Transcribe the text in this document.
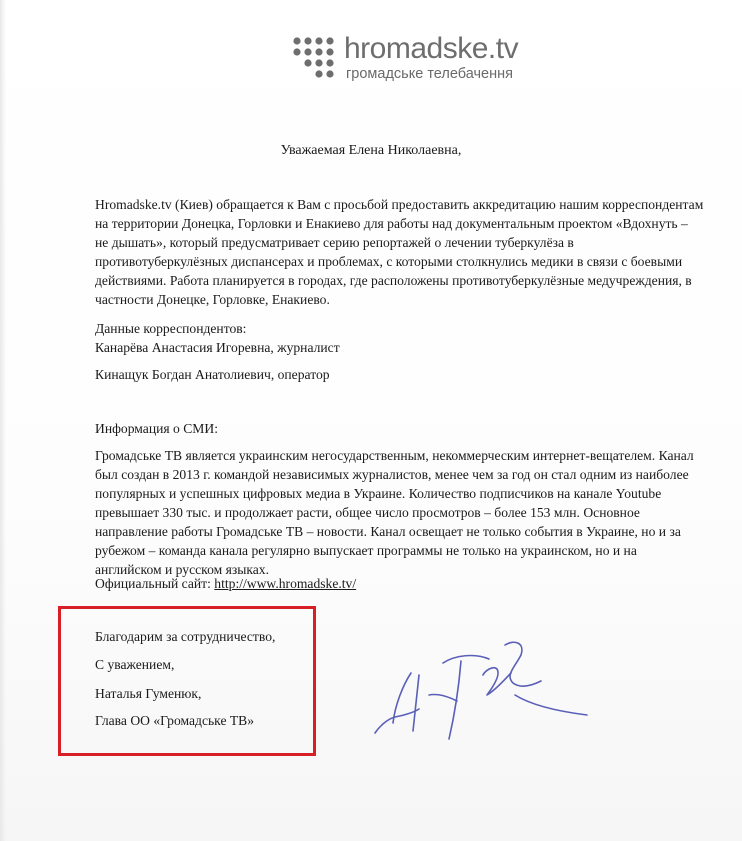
hromadske.tv
громадське телебачення
Уважаемая Елена Николаевна,
Hromadske.tv (Киев) обращается к Вам с просьбой предоставить аккредитацию нашим корреспондентам
на территории Донецка, Горловки и Енакиево для работы над документальным проектом «Вдохнуть –
не дышать», который предусматривает серию репортажей о лечении туберкулёза в
противотуберкулёзных диспансерах и проблемах, с которыми столкнулись медики в связи с боевыми
действиями. Работа планируется в городах, где расположены противотуберкулёзные медучреждения, в
частности Донецке, Горловке, Енакиево.
Данные корреспондентов:
Канарёва Анастасия Игоревна, журналист
Кинащук Богдан Анатолиевич, оператор
Информация о СМИ:
Громадське ТВ является украинским негосударственным, некоммерческим интернет-вещателем. Канал
был создан в 2013 г. командой независимых журналистов, менее чем за год он стал одним из наиболее
популярных и успешных цифровых медиа в Украине. Количество подписчиков на канале Youtube
превышает 330 тыс. и продолжает расти, общее число просмотров – более 153 млн. Основное
направление работы Громадське ТВ – новости. Канал освещает не только события в Украине, но и за
рубежом – команда канала регулярно выпускает программы не только на украинском, но и на
английском и русском языках.
Официальный сайт: http://www.hromadske.tv/
Благодарим за сотрудничество,
С уважением,
Наталья Гуменюк,
Глава ОО «Громадське ТВ»
